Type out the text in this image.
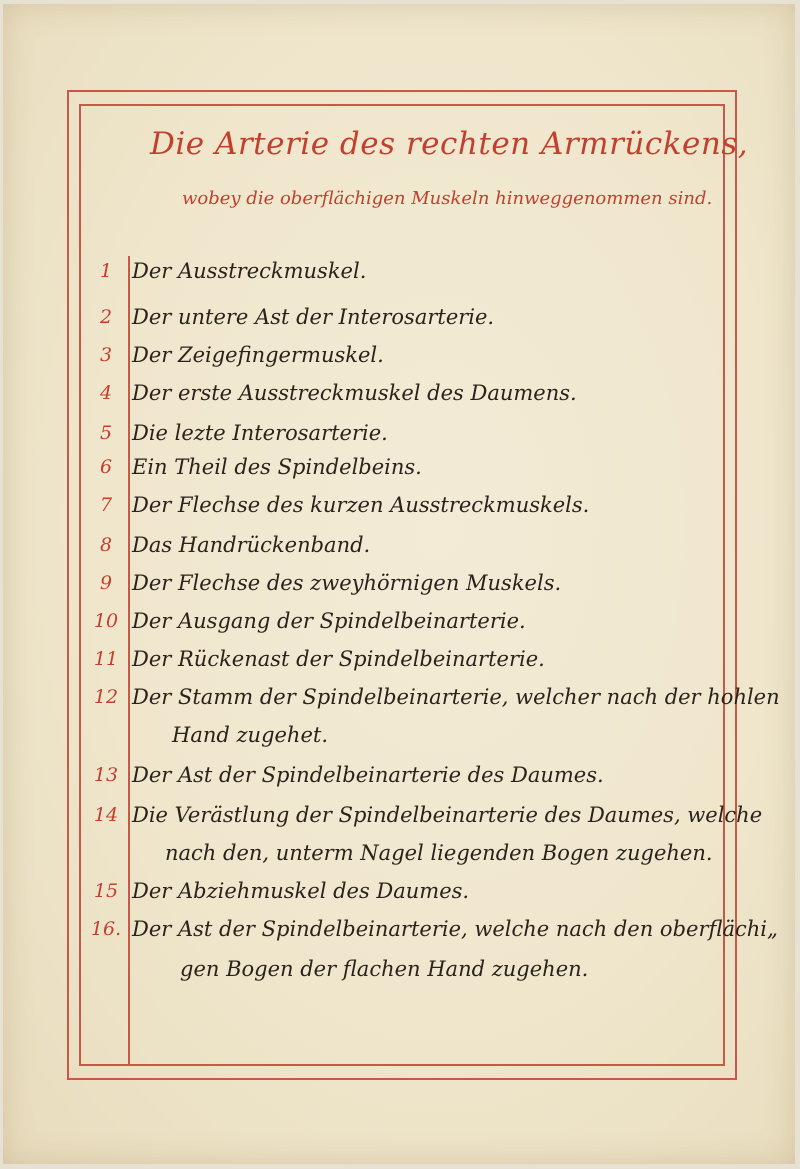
Die Arterie des rechten Armrückens,
wobey die oberflächigen Muskeln hinweggenommen sind.
1 Der Ausstreckmuskel.
2 Der untere Ast der Interosarterie.
3 Der Zeigefingermuskel.
4 Der erste Ausstreckmuskel des Daumens.
5 Die lezte Interosarterie.
6 Ein Theil des Spindelbeins.
7 Der Flechse des kurzen Ausstreckmuskels.
8 Das Handrückenband.
9 Der Flechse des zweyhörnigen Muskels.
10 Der Ausgang der Spindelbeinarterie.
11 Der Rückenast der Spindelbeinarterie.
12 Der Stamm der Spindelbeinarterie, welcher nach der hohlen
Hand zugehet.
13 Der Ast der Spindelbeinarterie des Daumes.
14 Die Verästlung der Spindelbeinarterie des Daumes, welche
nach den, unterm Nagel liegenden Bogen zugehen.
15 Der Abziehmuskel des Daumes.
16. Der Ast der Spindelbeinarterie, welche nach den oberflächi„
gen Bogen der flachen Hand zugehen.
